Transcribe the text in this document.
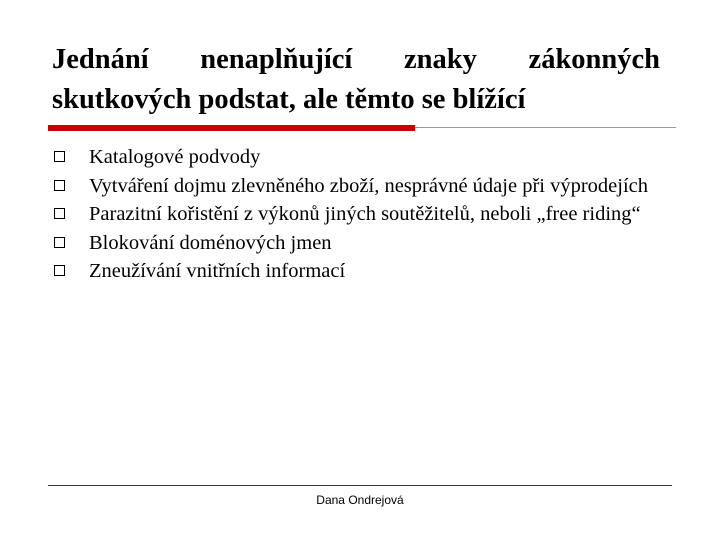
Jednání nenaplňující znaky zákonných skutkových podstat, ale těmto se blížící
Katalogové podvody
Vytváření dojmu zlevněného zboží, nesprávné údaje při výprodejích
Parazitní kořistění z výkonů jiných soutěžitelů, neboli „free riding“
Blokování doménových jmen
Zneužívání vnitřních informací
Dana Ondrejová
